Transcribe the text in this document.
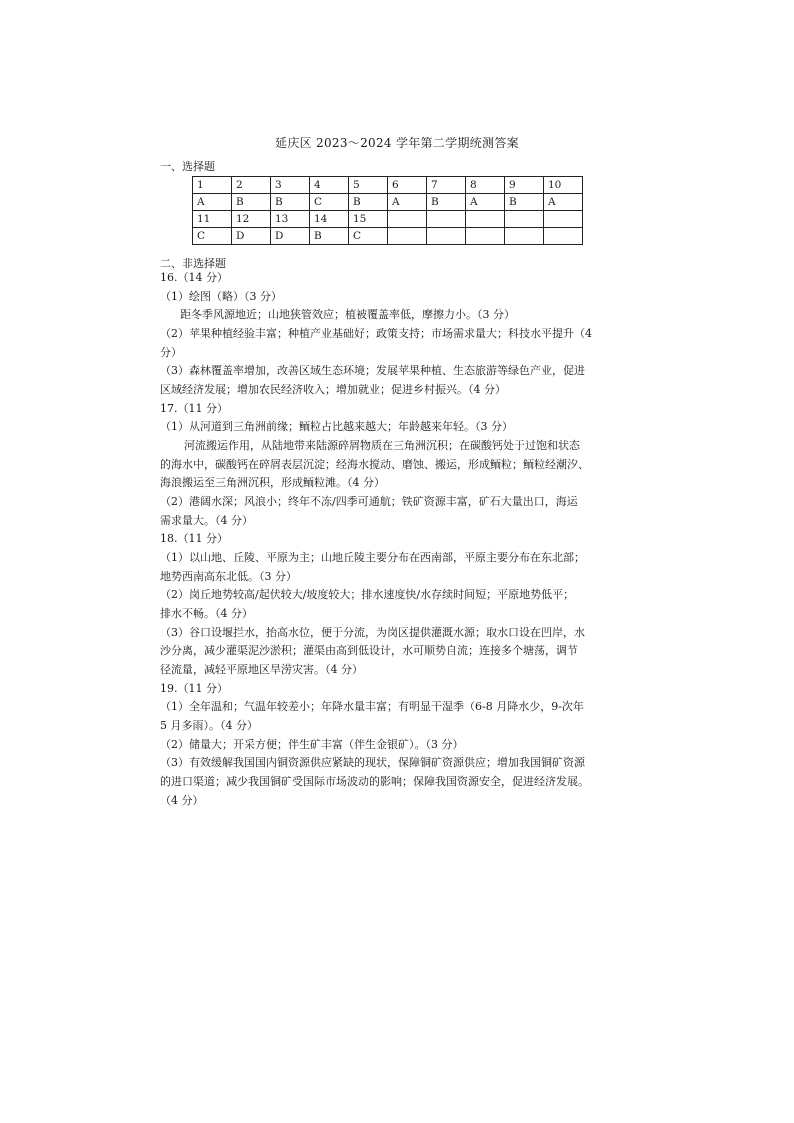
延庆区 2023～2024 学年第二学期统测答案
一、选择题
1	2	3	4	5	6	7	8	9	10
A	B	B	C	B	A	B	A	B	A
11	12	13	14	15					
C	D	D	B	C					
二、非选择题
16.（14 分）
（1）绘图（略）（3 分）
距冬季风源地近；山地狭管效应；植被覆盖率低，摩擦力小。（3 分）
（2）苹果种植经验丰富；种植产业基础好；政策支持；市场需求量大；科技水平提升（4
分）
（3）森林覆盖率增加，改善区域生态环境；发展苹果种植、生态旅游等绿色产业，促进
区域经济发展；增加农民经济收入；增加就业；促进乡村振兴。（4 分）
17.（11 分）
（1）从河道到三角洲前缘；鲕粒占比越来越大；年龄越来年轻。（3 分）
河流搬运作用，从陆地带来陆源碎屑物质在三角洲沉积；在碳酸钙处于过饱和状态
的海水中，碳酸钙在碎屑表层沉淀；经海水搅动、磨蚀、搬运，形成鲕粒；鲕粒经潮汐、
海浪搬运至三角洲沉积，形成鲕粒滩。（4 分）
（2）港阔水深；风浪小；终年不冻/四季可通航；铁矿资源丰富，矿石大量出口，海运
需求量大。（4 分）
18.（11 分）
（1）以山地、丘陵、平原为主；山地丘陵主要分布在西南部，平原主要分布在东北部；
地势西南高东北低。（3 分）
（2）岗丘地势较高/起伏较大/坡度较大；排水速度快/水存续时间短；平原地势低平；
排水不畅。（4 分）
（3）谷口设堰拦水，抬高水位，便于分流，为岗区提供灌溉水源；取水口设在凹岸，水
沙分离，减少灌渠泥沙淤积；灌渠由高到低设计，水可顺势自流；连接多个塘荡，调节
径流量，减轻平原地区旱涝灾害。（4 分）
19.（11 分）
（1）全年温和；气温年较差小；年降水量丰富；有明显干湿季（6-8 月降水少，9-次年
5 月多雨）。（4 分）
（2）储量大；开采方便；伴生矿丰富（伴生金银矿）。（3 分）
（3）有效缓解我国国内铜资源供应紧缺的现状，保障铜矿资源供应；增加我国铜矿资源
的进口渠道；减少我国铜矿受国际市场波动的影响；保障我国资源安全，促进经济发展。
（4 分）
